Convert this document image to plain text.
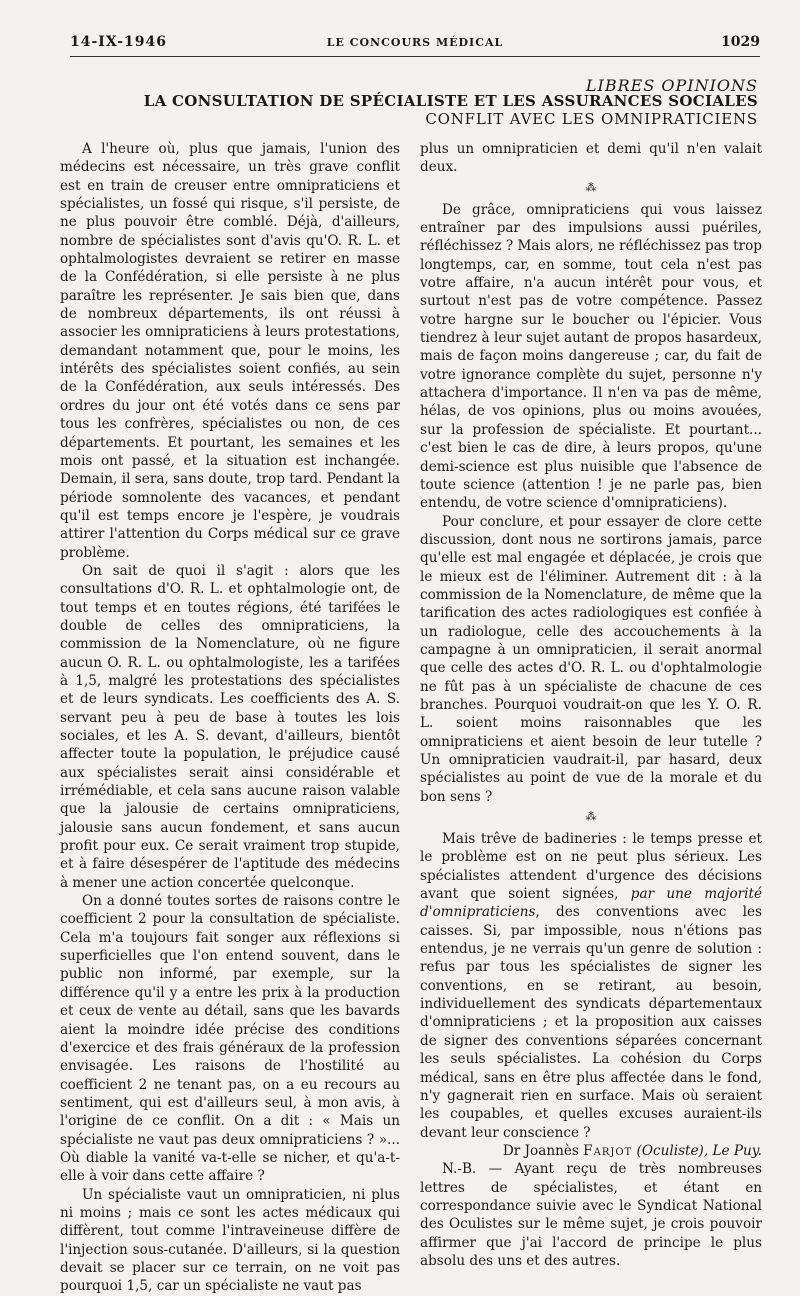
14-IX-1946	LE CONCOURS MÉDICAL	1029
LIBRES OPINIONS
LA CONSULTATION DE SPÉCIALISTE ET LES ASSURANCES SOCIALES
CONFLIT AVEC LES OMNIPRATICIENS

A l'heure où, plus que jamais, l'union des médecins est nécessaire, un très grave conflit est en train de creuser entre omnipraticiens et spécialistes, un fossé qui risque, s'il persiste, de ne plus pouvoir être comblé. Déjà, d'ailleurs, nombre de spécialistes sont d'avis qu'O. R. L. et ophtalmologistes devraient se retirer en masse de la Confédération, si elle persiste à ne plus paraître les représenter. Je sais bien que, dans de nombreux départements, ils ont réussi à associer les omnipraticiens à leurs protestations, demandant notamment que, pour le moins, les intérêts des spécialistes soient confiés, au sein de la Confédération, aux seuls intéressés. Des ordres du jour ont été votés dans ce sens par tous les confrères, spécialistes ou non, de ces départements. Et pourtant, les semaines et les mois ont passé, et la situation est inchangée. Demain, il sera, sans doute, trop tard. Pendant la période somnolente des vacances, et pendant qu'il est temps encore je l'espère, je voudrais attirer l'attention du Corps médical sur ce grave problème.

On sait de quoi il s'agit : alors que les consultations d'O. R. L. et ophtalmologie ont, de tout temps et en toutes régions, été tarifées le double de celles des omnipraticiens, la commission de la Nomenclature, où ne figure aucun O. R. L. ou ophtalmologiste, les a tarifées à 1,5, malgré les protestations des spécialistes et de leurs syndicats. Les coefficients des A. S. servant peu à peu de base à toutes les lois sociales, et les A. S. devant, d'ailleurs, bientôt affecter toute la population, le préjudice causé aux spécialistes serait ainsi considérable et irrémédiable, et cela sans aucune raison valable que la jalousie de certains omnipraticiens, jalousie sans aucun fondement, et sans aucun profit pour eux. Ce serait vraiment trop stupide, et à faire désespérer de l'aptitude des médecins à mener une action concertée quelconque.

On a donné toutes sortes de raisons contre le coefficient 2 pour la consultation de spécialiste. Cela m'a toujours fait songer aux réflexions si superficielles que l'on entend souvent, dans le public non informé, par exemple, sur la différence qu'il y a entre les prix à la production et ceux de vente au détail, sans que les bavards aient la moindre idée précise des conditions d'exercice et des frais généraux de la profession envisagée. Les raisons de l'hostilité au coefficient 2 ne tenant pas, on a eu recours au sentiment, qui est d'ailleurs seul, à mon avis, à l'origine de ce conflit. On a dit : « Mais un spécialiste ne vaut pas deux omnipraticiens ? »... Où diable la vanité va-t-elle se nicher, et qu'a-t-elle à voir dans cette affaire ?

Un spécialiste vaut un omnipraticien, ni plus ni moins ; mais ce sont les actes médicaux qui diffèrent, tout comme l'intraveineuse diffère de l'injection sous-cutanée. D'ailleurs, si la question devait se placer sur ce terrain, on ne voit pas pourquoi 1,5, car un spécialiste ne vaut pas

plus un omnipraticien et demi qu'il n'en valait deux.

⁂

De grâce, omnipraticiens qui vous laissez entraîner par des impulsions aussi puériles, réfléchissez ? Mais alors, ne réfléchissez pas trop longtemps, car, en somme, tout cela n'est pas votre affaire, n'a aucun intérêt pour vous, et surtout n'est pas de votre compétence. Passez votre hargne sur le boucher ou l'épicier. Vous tiendrez à leur sujet autant de propos hasardeux, mais de façon moins dangereuse ; car, du fait de votre ignorance complète du sujet, personne n'y attachera d'importance. Il n'en va pas de même, hélas, de vos opinions, plus ou moins avouées, sur la profession de spécialiste. Et pourtant... c'est bien le cas de dire, à leurs propos, qu'une demi-science est plus nuisible que l'absence de toute science (attention ! je ne parle pas, bien entendu, de votre science d'omnipraticiens).

Pour conclure, et pour essayer de clore cette discussion, dont nous ne sortirons jamais, parce qu'elle est mal engagée et déplacée, je crois que le mieux est de l'éliminer. Autrement dit : à la commission de la Nomenclature, de même que la tarification des actes radiologiques est confiée à un radiologue, celle des accouchements à la campagne à un omnipraticien, il serait anormal que celle des actes d'O. R. L. ou d'ophtalmologie ne fût pas à un spécialiste de chacune de ces branches. Pourquoi voudrait-on que les Y. O. R. L. soient moins raisonnables que les omnipraticiens et aient besoin de leur tutelle ? Un omnipraticien vaudrait-il, par hasard, deux spécialistes au point de vue de la morale et du bon sens ?

⁂

Mais trêve de badineries : le temps presse et le problème est on ne peut plus sérieux. Les spécialistes attendent d'urgence des décisions avant que soient signées, par une majorité d'omnipraticiens, des conventions avec les caisses. Si, par impossible, nous n'étions pas entendus, je ne verrais qu'un genre de solution : refus par tous les spécialistes de signer les conventions, en se retirant, au besoin, individuellement des syndicats départementaux d'omnipraticiens ; et la proposition aux caisses de signer des conventions séparées concernant les seuls spécialistes. La cohésion du Corps médical, sans en être plus affectée dans le fond, n'y gagnerait rien en surface. Mais où seraient les coupables, et quelles excuses auraient-ils devant leur conscience ?

Dr Joannès Farjot (Oculiste), Le Puy.

N.-B. — Ayant reçu de très nombreuses lettres de spécialistes, et étant en correspondance suivie avec le Syndicat National des Oculistes sur le même sujet, je crois pouvoir affirmer que j'ai l'accord de principe le plus absolu des uns et des autres.
